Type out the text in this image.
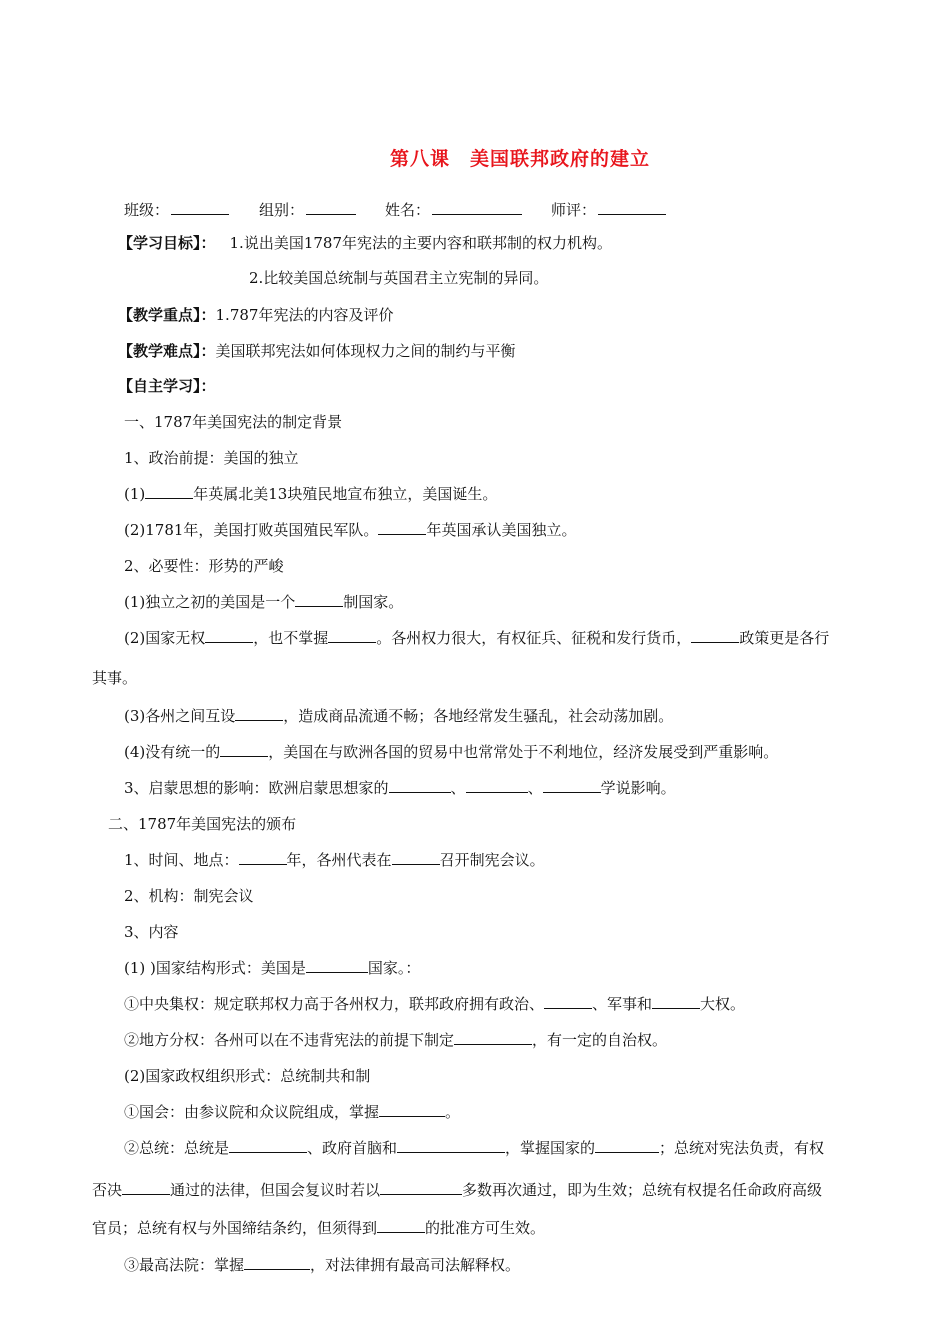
第八课　美国联邦政府的建立
班级：	组别：	姓名：	师评：
【学习目标】： 1.说出美国1787年宪法的主要内容和联邦制的权力机构。
2.比较美国总统制与英国君主立宪制的异同。
【教学重点】：1.787年宪法的内容及评价
【教学难点】：美国联邦宪法如何体现权力之间的制约与平衡
【自主学习】：
一、1787年美国宪法的制定背景
1、政治前提：美国的独立
(1)	年英属北美13块殖民地宣布独立，美国诞生。
(2)1781年，美国打败英国殖民军队。	年英国承认美国独立。
2、必要性：形势的严峻
(1)独立之初的美国是一个	制国家。
(2)国家无权	，也不掌握	。各州权力很大，有权征兵、征税和发行货币，	政策更是各行
其事。
(3)各州之间互设	，造成商品流通不畅；各地经常发生骚乱，社会动荡加剧。
(4)没有统一的	，美国在与欧洲各国的贸易中也常常处于不利地位，经济发展受到严重影响。
3、启蒙思想的影响：欧洲启蒙思想家的	、	、	学说影响。
二、1787年美国宪法的颁布
1、时间、地点：	年，各州代表在	召开制宪会议。
2、机构：制宪会议
3、内容
(1) )国家结构形式：美国是	国家。：
①中央集权：规定联邦权力高于各州权力，联邦政府拥有政治、	、军事和	大权。
②地方分权：各州可以在不违背宪法的前提下制定	，有一定的自治权。
(2)国家政权组织形式：总统制共和制
①国会：由参议院和众议院组成，掌握	。
②总统：总统是	、政府首脑和	，掌握国家的	；总统对宪法负责，有权
否决	通过的法律，但国会复议时若以	多数再次通过，即为生效；总统有权提名任命政府高级
官员；总统有权与外国缔结条约，但须得到	的批准方可生效。
③最高法院：掌握	，对法律拥有最高司法解释权。
